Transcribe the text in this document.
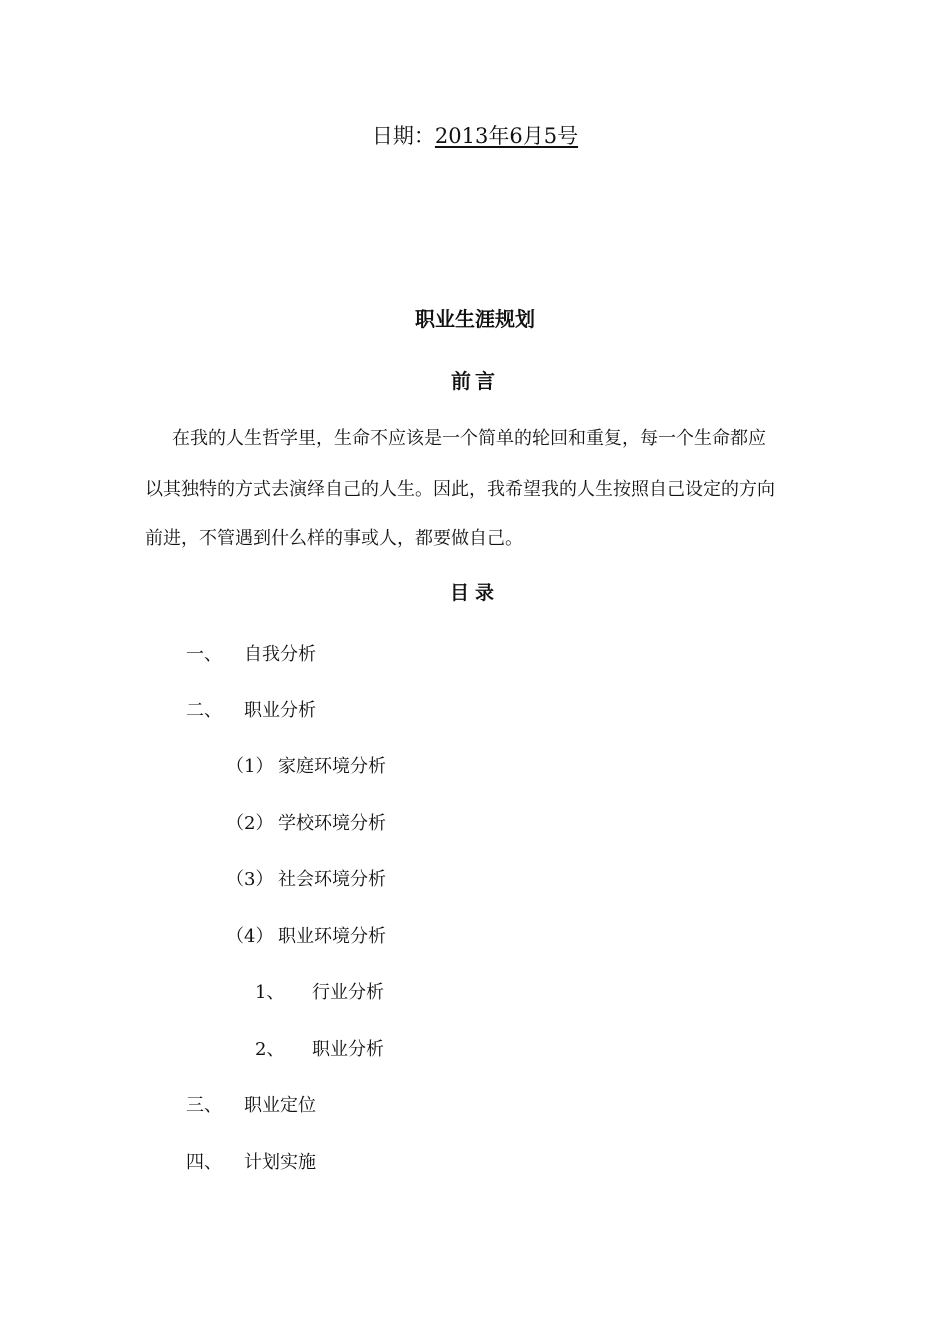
日期：2013年6月5号
职业生涯规划
前言
在我的人生哲学里，生命不应该是一个简单的轮回和重复，每一个生命都应
以其独特的方式去演绎自己的人生。因此，我希望我的人生按照自己设定的方向
前进，不管遇到什么样的事或人，都要做自己。
目录
一、 自我分析
二、 职业分析
（1） 家庭环境分析
（2） 学校环境分析
（3） 社会环境分析
（4） 职业环境分析
1、 行业分析
2、 职业分析
三、 职业定位
四、 计划实施
